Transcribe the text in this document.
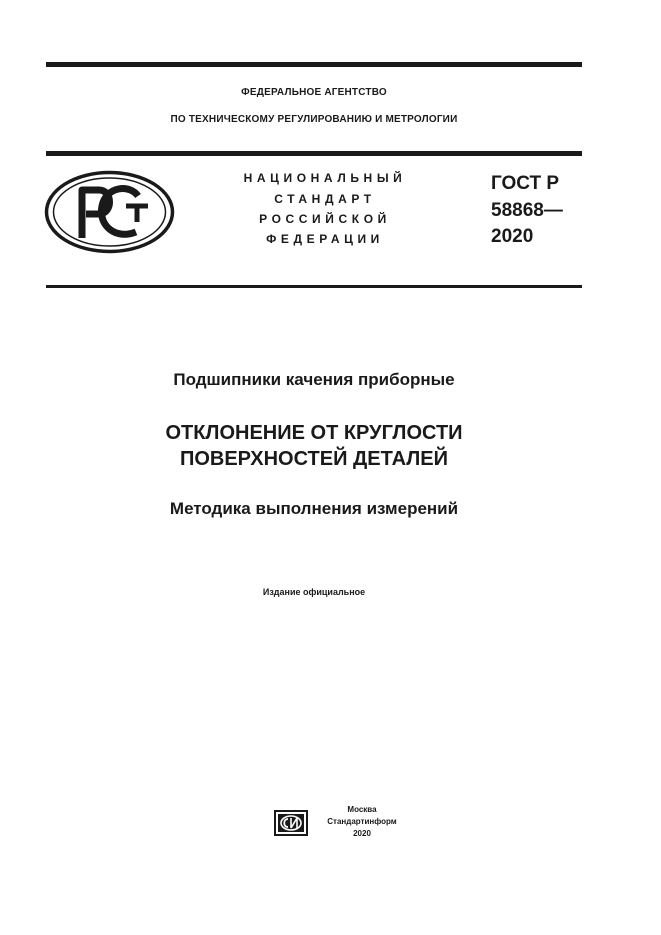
ФЕДЕРАЛЬНОЕ АГЕНТСТВО
ПО ТЕХНИЧЕСКОМУ РЕГУЛИРОВАНИЮ И МЕТРОЛОГИИ
НАЦИОНАЛЬНЫЙ
СТАНДАРТ
РОССИЙСКОЙ
ФЕДЕРАЦИИ
ГОСТ Р
58868—
2020
Подшипники качения приборные
ОТКЛОНЕНИЕ ОТ КРУГЛОСТИ
ПОВЕРХНОСТЕЙ ДЕТАЛЕЙ
Методика выполнения измерений
Издание официальное
Москва
Стандартинформ
2020
